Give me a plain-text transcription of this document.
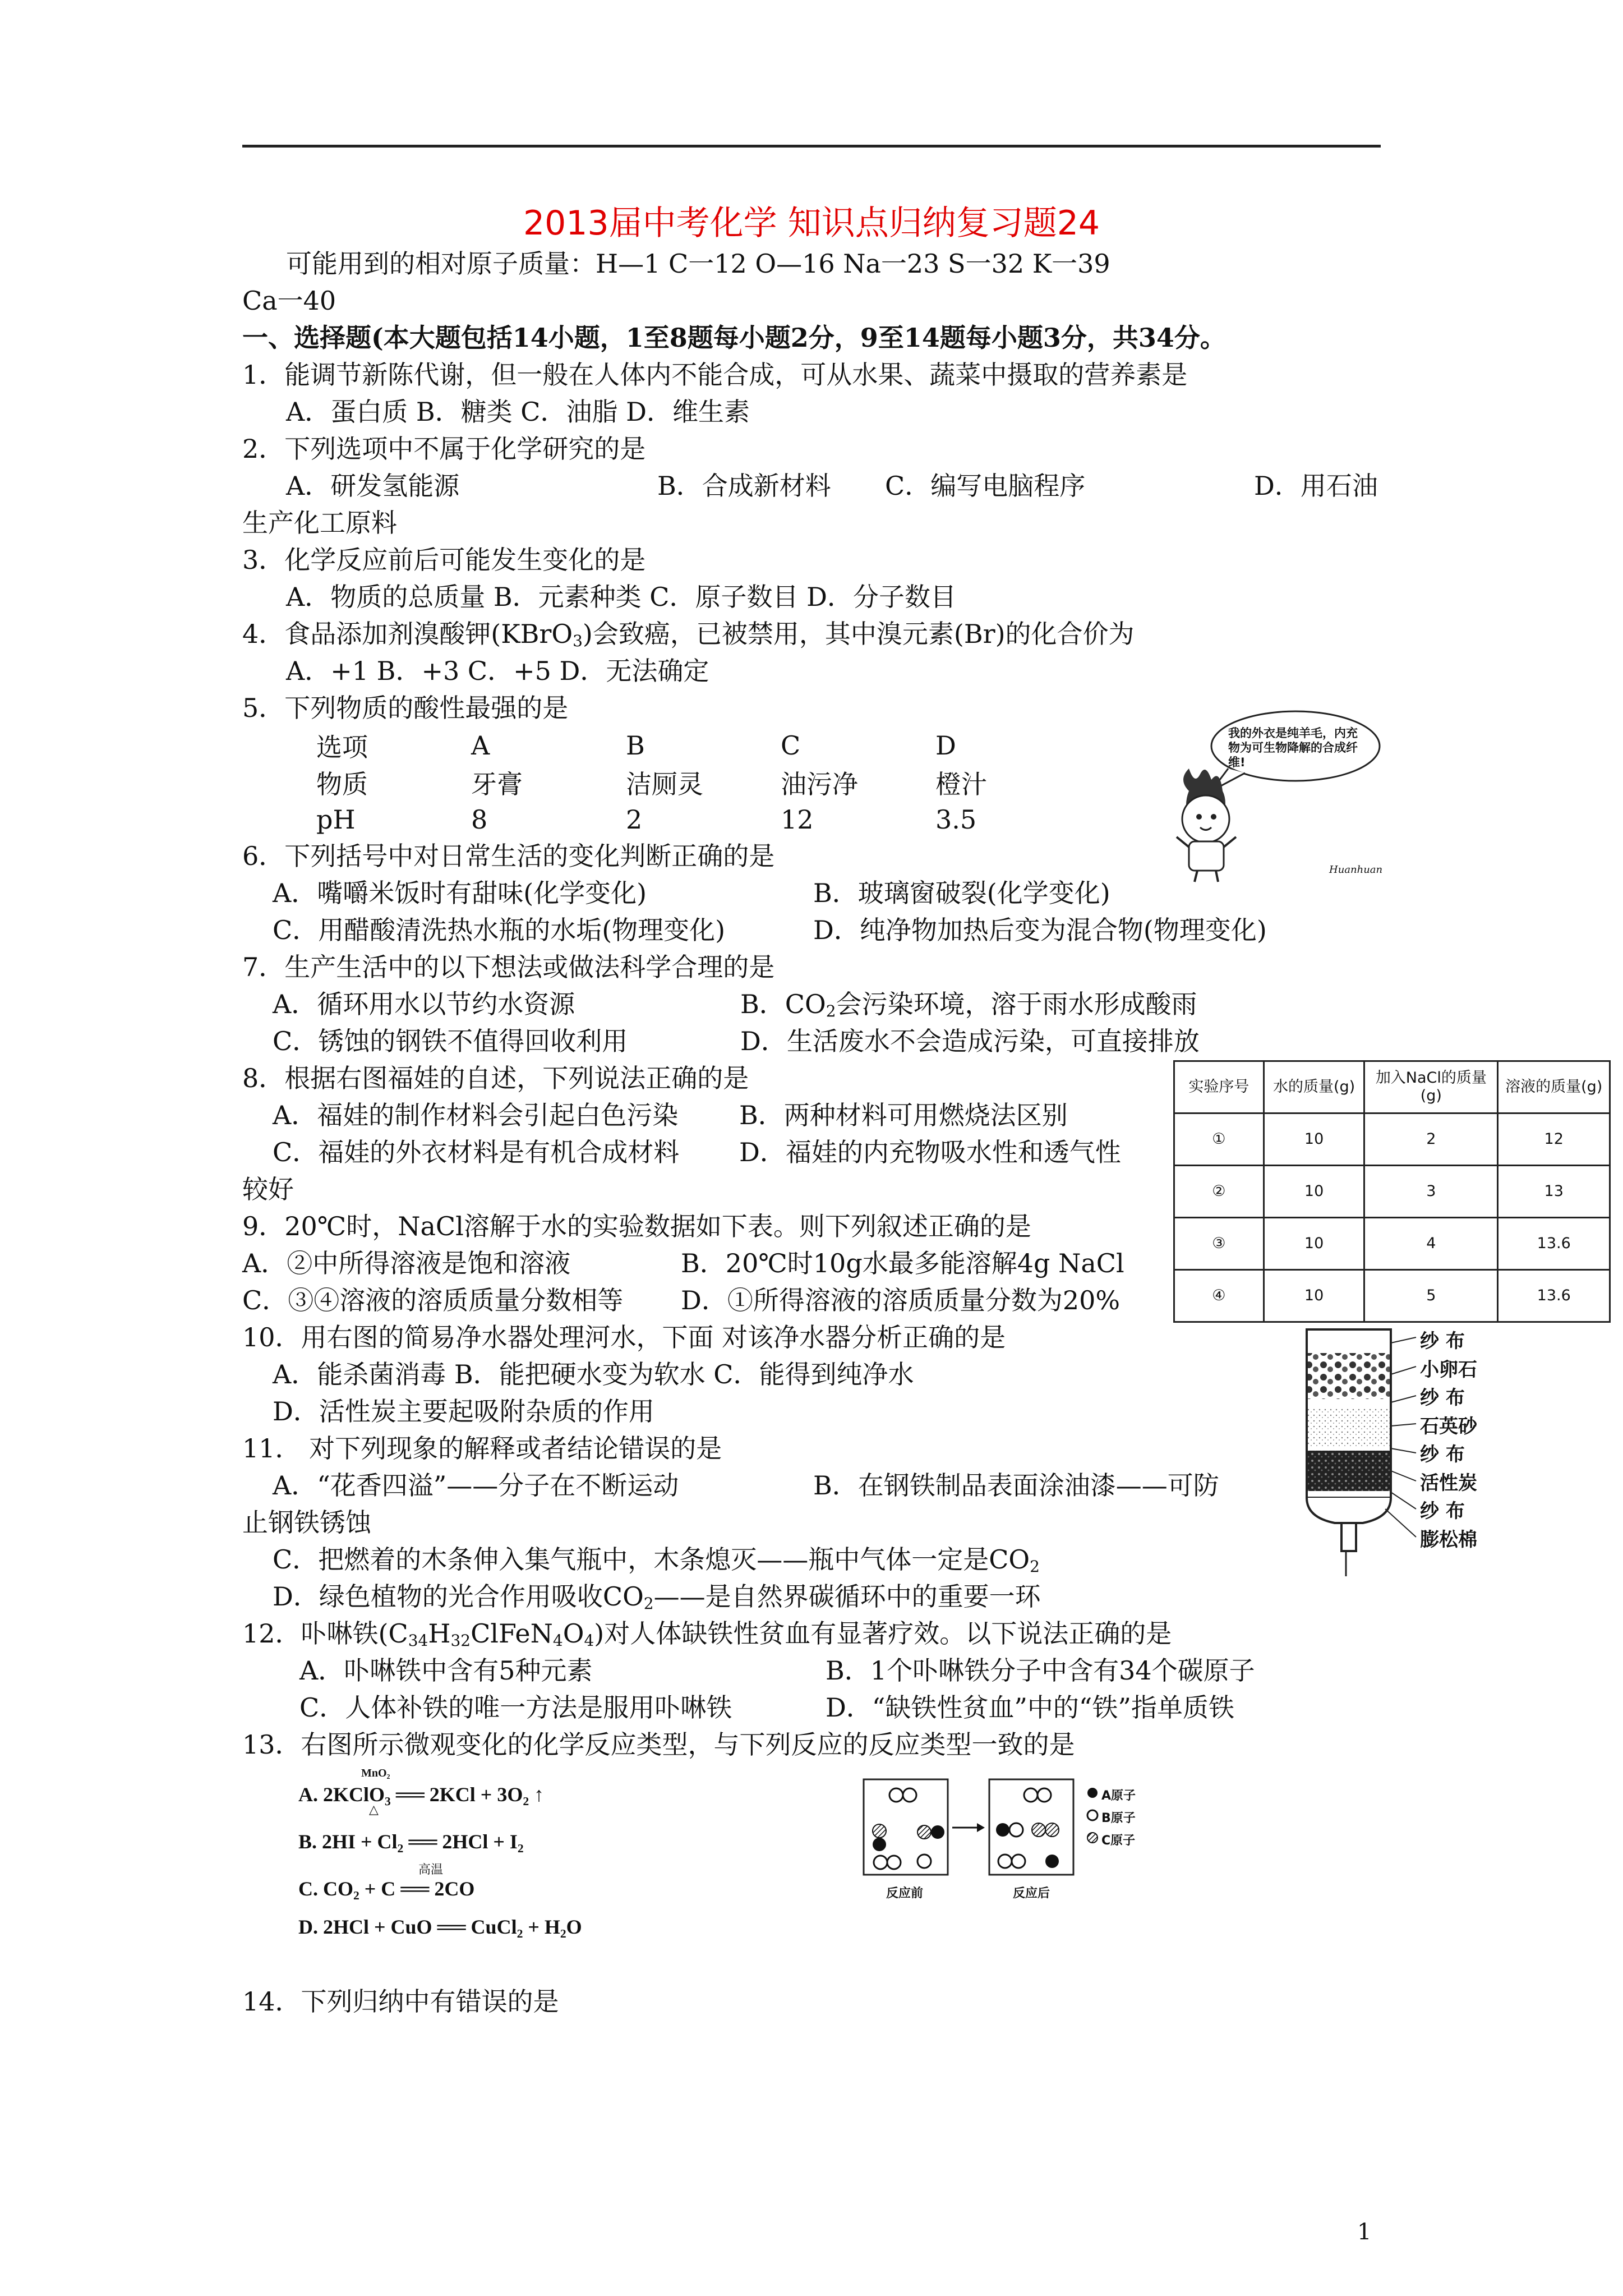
2013届中考化学 知识点归纳复习题24
可能用到的相对原子质量：H—1 C一12 O—16 Na一23 S一32 K一39
Ca一40
一、选择题(本大题包括14小题，1至8题每小题2分，9至14题每小题3分，共34分。
1．能调节新陈代谢，但一般在人体内不能合成，可从水果、蔬菜中摄取的营养素是
A．蛋白质 B．糖类 C．油脂 D．维生素
2．下列选项中不属于化学研究的是
A．研发氢能源	B．合成新材料 C．编写电脑程序	D．用石油
生产化工原料
3．化学反应前后可能发生变化的是
A．物质的总质量 B．元素种类 C．原子数目 D．分子数目
4．食品添加剂溴酸钾(KBrO$_3$)会致癌，已被禁用，其中溴元素(Br)的化合价为
A．+1 B．+3 C．+5 D．无法确定
5．下列物质的酸性最强的是
选项	A	B	C	D
物质	牙膏	洁厕灵	油污净	橙汁
pH	8	2	12	3.5
我的外衣是纯羊毛，内充物为可生物降解的合成纤维!
Huanhuan
6．下列括号中对日常生活的变化判断正确的是
A．嘴嚼米饭时有甜味(化学变化)	B．玻璃窗破裂(化学变化)
C．用醋酸清洗热水瓶的水垢(物理变化)	D．纯净物加热后变为混合物(物理变化)
7．生产生活中的以下想法或做法科学合理的是
A．循环用水以节约水资源	B．$CO_2$会污染环境，溶于雨水形成酸雨
C．锈蚀的钢铁不值得回收利用	D．生活废水不会造成污染，可直接排放
8．根据右图福娃的自述，下列说法正确的是
A．福娃的制作材料会引起白色污染 B．两种材料可用燃烧法区别
C．福娃的外衣材料是有机合成材料 D．福娃的内充物吸水性和透气性
较好
实验序号	水的质量(g)	加入NaCl的质量(g)	溶液的质量(g)
①	10	2	12
②	10	3	13
③	10	4	13.6
④	10	5	13.6
9．20℃时，NaCl溶解于水的实验数据如下表。则下列叙述正确的是
A．②中所得溶液是饱和溶液	B．20℃时10g水最多能溶解4g NaCl
C．③④溶液的溶质质量分数相等 D．①所得溶液的溶质质量分数为20%
10．用右图的简易净水器处理河水，下面 对该净水器分析正确的是
A．能杀菌消毒 B．能把硬水变为软水 C．能得到纯净水
D．活性炭主要起吸附杂质的作用
纱 布
小卵石
纱 布
石英砂
纱 布
活性炭
纱 布
膨松棉
11． 对下列现象的解释或者结论错误的是
A．“花香四溢”——分子在不断运动	B．在钢铁制品表面涂油漆——可防
止钢铁锈蚀
C．把燃着的木条伸入集气瓶中，木条熄灭——瓶中气体一定是$CO_2$
D．绿色植物的光合作用吸收$CO_2——$是自然界碳循环中的重要一环
12．卟啉铁$(C_{34}H_{32}ClFeN_4O_4)$对人体缺铁性贫血有显著疗效。以下说法正确的是
A．卟啉铁中含有5种元素	B．1个卟啉铁分子中含有34个碳原子
C．人体补铁的唯一方法是服用卟啉铁	D．“缺铁性贫血”中的“铁”指单质铁
13．右图所示微观变化的化学反应类型，与下列反应的反应类型一致的是
MnO₂
A. 2KClO₃ ══ 2KCl + 3O₂ ↑
△
B. 2HI + Cl₂ ══ 2HCl + I₂
高温
C. CO₂ + C ══ 2CO
D. 2HCl + CuO ══ CuCl₂ + H₂O
A原子
B原子
C原子
反应前	反应后
14．下列归纳中有错误的是
1
